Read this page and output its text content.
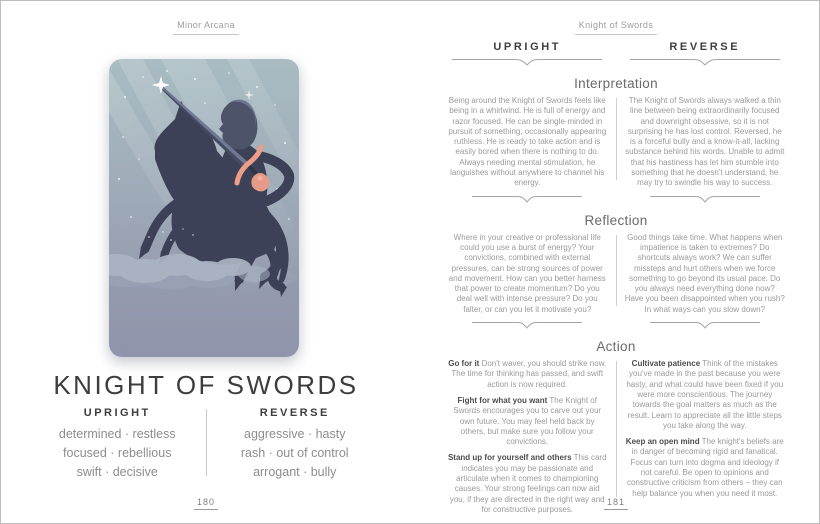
Minor Arcana
KNIGHT OF SWORDS
UPRIGHT
determined · restless
focused · rebellious
swift · decisive
REVERSE
aggressive · hasty
rash · out of control
arrogant · bully
180
Knight of Swords
UPRIGHT	REVERSE
Interpretation

Being around the Knight of Swords feels like being in a whirlwind. He is full of energy and razor focused. He can be single-minded in pursuit of something, occasionally appearing ruthless. He is ready to take action and is easily bored when there is nothing to do. Always needing mental stimulation, he languishes without anywhere to channel his energy.

The Knight of Swords always walked a thin line between being extraordinarily focused and downright obsessive, so it is not surprising he has lost control. Reversed, he is a forceful bully and a know-it-all, lacking substance behind his words. Unable to admit that his hastiness has let him stumble into something that he doesn't understand, he may try to swindle his way to success.

Reflection

Where in your creative or professional life could you use a burst of energy? Your convictions, combined with external pressures, can be strong sources of power and movement. How can you better harness that power to create momentum? Do you deal well with intense pressure? Do you falter, or can you let it motivate you?

Good things take time. What happens when impatience is taken to extremes? Do shortcuts always work? We can suffer missteps and hurt others when we force something to go beyond its usual pace. Do you always need everything done now? Have you been disappointed when you rush? In what ways can you slow down?

Action

Go for it Don't waver, you should strike now. The time for thinking has passed, and swift action is now required.

Fight for what you want The Knight of Swords encourages you to carve out your own future. You may feel held back by others, but make sure you follow your convictions.

Stand up for yourself and others This card indicates you may be passionate and articulate when it comes to championing causes. Your strong feelings can now aid you, if they are directed in the right way and for constructive purposes.

Cultivate patience Think of the mistakes you've made in the past because you were hasty, and what could have been fixed if you were more conscientious. The journey towards the goal matters as much as the result. Learn to appreciate all the little steps you take along the way.

Keep an open mind The knight's beliefs are in danger of becoming rigid and fanatical. Focus can turn into dogma and ideology if not careful. Be open to opinions and constructive criticism from others – they can help balance you when you need it most.

181
